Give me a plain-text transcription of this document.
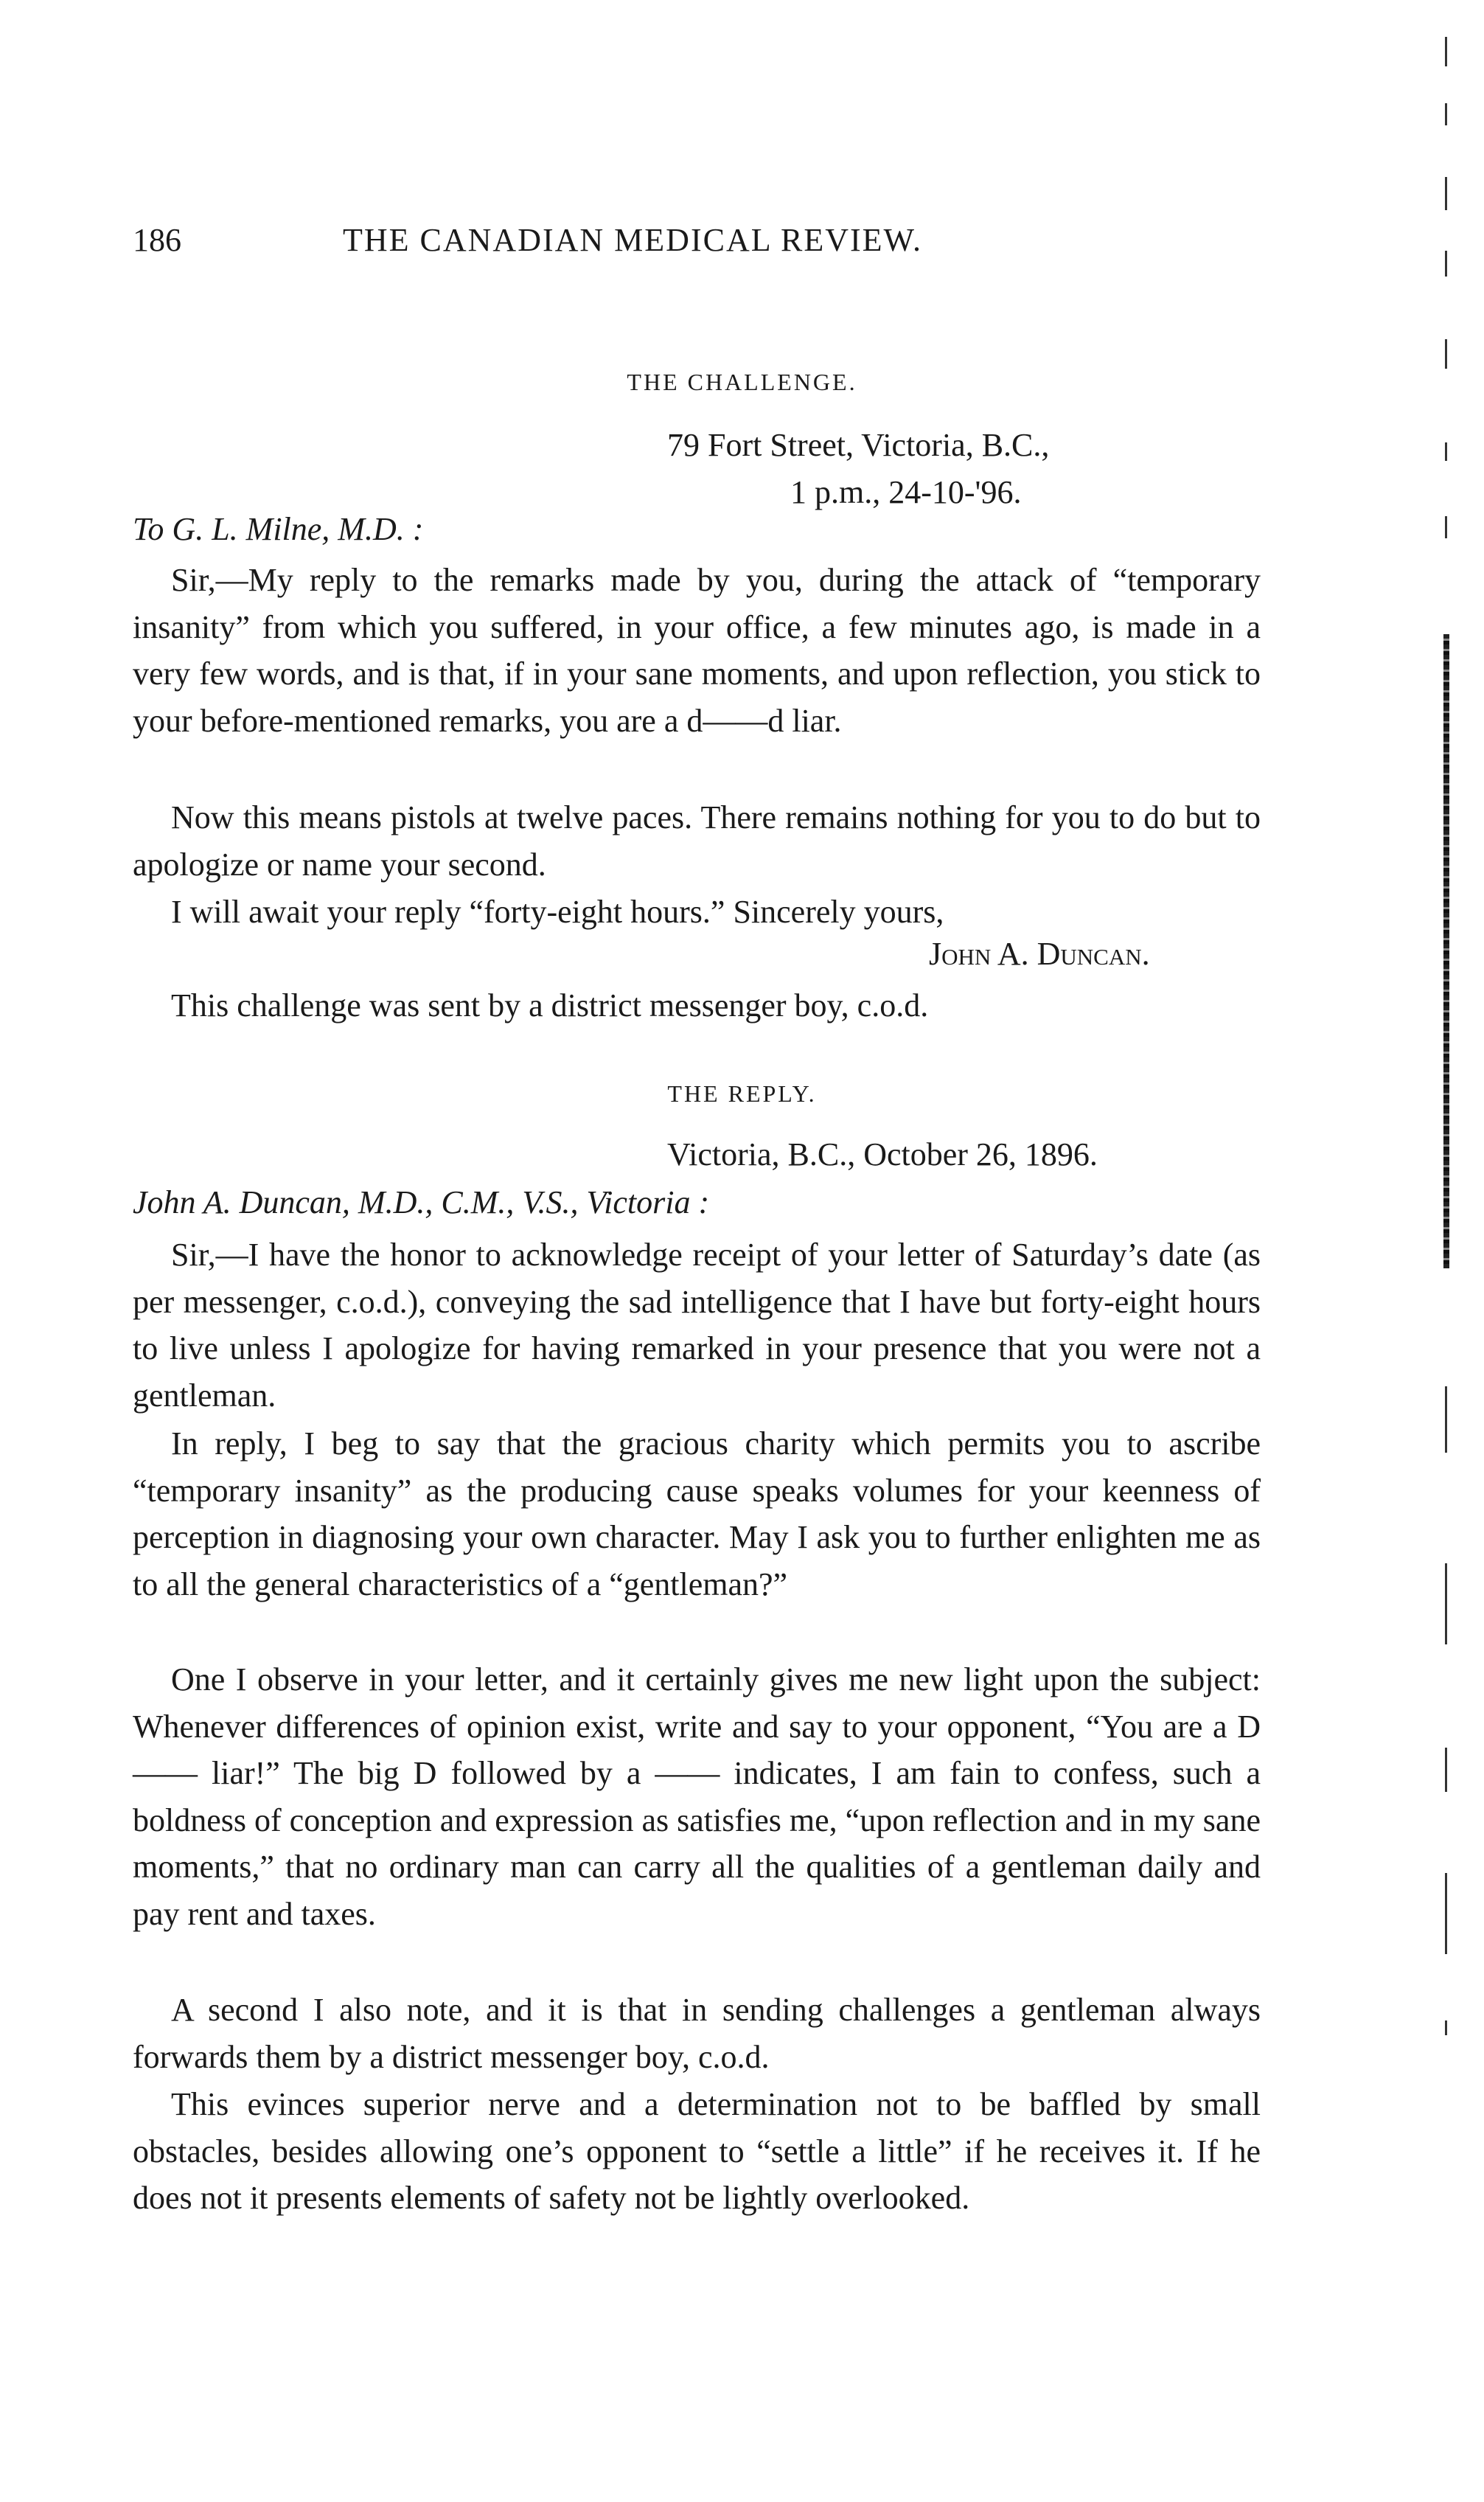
186	THE CANADIAN MEDICAL REVIEW.
THE CHALLENGE.
79 Fort Street, Victoria, B.C.,
1 p.m., 24-10-'96.
To G. L. Milne, M.D. :

Sir,—My reply to the remarks made by you, during the attack of “temporary insanity” from which you suffered, in your office, a few minutes ago, is made in a very few words, and is that, if in your sane moments, and upon reflection, you stick to your before-mentioned remarks, you are a d——d liar.

Now this means pistols at twelve paces. There remains nothing for you to do but to apologize or name your second.

I will await your reply “forty-eight hours.” Sincerely yours,

John A. Duncan.

This challenge was sent by a district messenger boy, c.o.d.

THE REPLY.
Victoria, B.C., October 26, 1896.
John A. Duncan, M.D., C.M., V.S., Victoria :

Sir,—I have the honor to acknowledge receipt of your letter of Saturday’s date (as per messenger, c.o.d.), conveying the sad intelligence that I have but forty-eight hours to live unless I apologize for having remarked in your presence that you were not a gentleman.

In reply, I beg to say that the gracious charity which permits you to ascribe “temporary insanity” as the producing cause speaks volumes for your keenness of perception in diagnosing your own character. May I ask you to further enlighten me as to all the general characteristics of a “gentleman?”

One I observe in your letter, and it certainly gives me new light upon the subject: Whenever differences of opinion exist, write and say to your opponent, “You are a D—— liar!” The big D followed by a —— indicates, I am fain to confess, such a boldness of conception and expression as satisfies me, “upon reflection and in my sane moments,” that no ordinary man can carry all the qualities of a gentleman daily and pay rent and taxes.

A second I also note, and it is that in sending challenges a gentleman always forwards them by a district messenger boy, c.o.d.

This evinces superior nerve and a determination not to be baffled by small obstacles, besides allowing one’s opponent to “settle a little” if he receives it. If he does not it presents elements of safety not be lightly overlooked.
